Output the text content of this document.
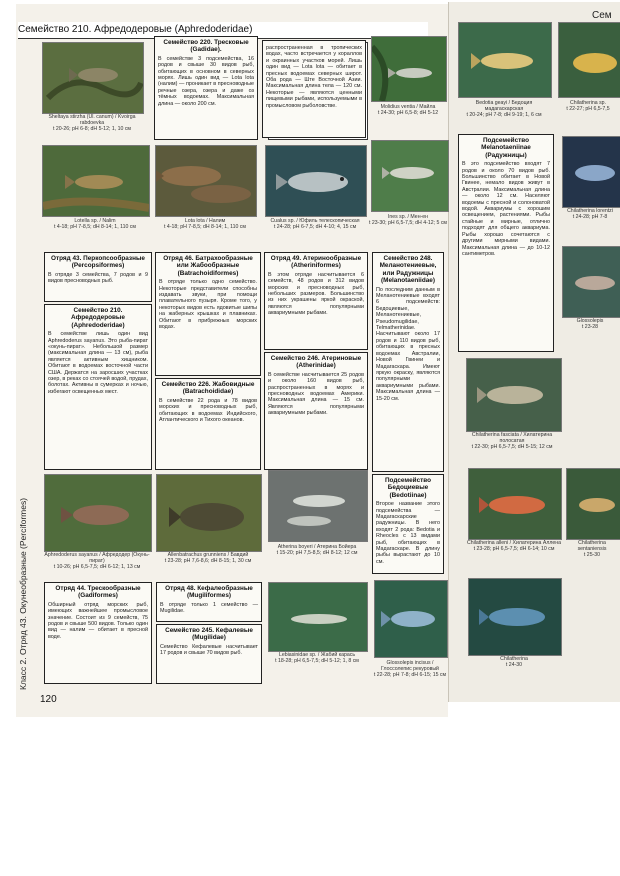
Семейство 210. Афредодеровые (Aphredoderidae)
Сем
Sheltaya stirzha (Ul. canum) / Kvoirga rabdoevka
t 20-26; pH 6-8; dH 5-12; 1, 10 см
распространенная в тропических водах, часто встречается у кораллов и окраинных участков морей. Лишь один вид — Lota lota — обитает в пресных водоемах северных широт. Оба рода — Ште Восточной Азии. Максимальная длина тела — 120 см. Некоторые — являются ценными пищевыми рыбами, используемыми в промысловом рыболовстве.	Molidius ventia / Майла
t 24-30; pH 6,5-8; dH 5-12
Семейство 220. Тресковые (Gadidae).
В семействе 3 подсемейства, 16 родов и свыше 30 видов рыб, обитающих в основном в северных морях. Лишь один вид — Lota lota (налим) — проникает в пресноводные речные озера, озера и даже оз тёмных водоемах. Максимальная длина — около 200 см.
Lotella sp. / Nalim
t 4-18; pH 7-8,5; dH 8-14; 1, 110 см
Lota lota / Налим
t 4-18; pH 7-8,5; dH 8-14; 1, 110 см
Cualus sp. / Юфиль телескопическая
t 24-28; pH 6-7,5; dH 4-10; 4, 15 см
Ines sp. / Мен-ен
t 23-30; pH 6,5-7,5; dH 4-12; 5 см
Отряд 43. Перкопсообразные (Percopsiformes)
В отряде 3 семейства, 7 родов и 9 видов пресноводных рыб.
Семейство 210. Афредодеровые (Aphredoderidae)
В семействе лишь один вид Aphredoderus sayanus. Это рыба-пират «окунь-пират». Небольшой размер (максимальная длина — 13 см), рыба является активным хищником. Обитают в водоемах восточной части США. Держатся на заросших участках озер, в реках со стоячей водой, прудах, болотах. Активны в сумерках и ночью, избегают освещенных мест.
Отряд 46. Батрахообразные или Жабообразные (Batrachoidiformes)
В отряде только одно семейство. Некоторые представители способны издавать звуки, при помощи плавательного пузыря. Кроме того, у некоторых видов есть ядовитые шипы на жаберных крышках и плавниках. Обитают в прибрежных морских водах.
Семейство 226. Жабовидные (Batrachoididae)
В семействе 22 рода и 78 видов морских и пресноводных рыб, обитающих в водоемах Индийского, Атлантического и Тихого океанов.
Отряд 49. Атеринообразные (Atheriniformes)
В этом отряде насчитывается 6 семейств, 48 родов и 312 видов морских и пресноводных рыб, небольших размеров. Большинство из них украшены яркой окраской, являются популярными аквариумными рыбами.
Семейство 246. Атериновые (Atherinidae)
В семействе насчитывается 25 родов и около 160 видов рыб, распространенных в морях и пресноводных водоемах Америки. Максимальная длина — 15 см. Являются популярными аквариумными рыбами.
Семейство 248. Меланотениевые, или Радужницы (Melanotaeniidae)
По последним данным в Меланотениевые входят 6 подсемейств: Бедоциевые, Меланотениевые, Pseudomugilidae, Telmatherinidae. Насчитывают около 17 родов и 110 видов рыб, обитающих в пресных водоемах Австралии, Новой Гвинеи и Мадагаскара. Имеют яркую окраску, являются популярными аквариумными рыбами. Максимальная длина — 15-20 см.
Aphredoderus sayanus / Афредодер (Окунь-пират)
t 10-26; pH 6,5-7,5; dH 6-12; 1, 13 см
Allenbatrachus grunniens / Бавдий
t 23-28; pH 7,6-8,6; dH 8-15; 1, 30 см
Atherina boyeri / Атерина Бойера
t 15-20; pH 7,5-8,5; dH 8-12; 12 см
Подсемейство Бедоциевые (Bedotiinae)
Второе название этого подсемейства — Мадагаскарские радужницы. В него входят 2 рода: Bedotia и Rheocles с 13 видами рыб, обитающих в Мадагаскаре. В длину рыбы вырастают до 10 см.
Отряд 44. Трескообразные (Gadiformes)
Обширный отряд морских рыб, имеющих важнейшее промысловое значение. Состоит из 9 семейств, 75 родов и свыше 500 видов. Только один вид — налим — обитает в пресной воде.
Отряд 48. Кефалеобразные (Mugiliformes)
В отряде только 1 семейство — Mugilidae.
Семейство 245. Кефалевые (Mugilidae)
Семейство Кефалевые насчитывает 17 родов и свыше 70 видов рыб.	Lebiasinidae sp. / Жабий карась
t 18-28; pH 6,5-7,5; dH 5-12; 1, 8 см	Glossolepis incisus / Глоссолепис рекуровый
t 22-28; pH 7-8; dH 6-15; 15 см
Bedotia geayi / Бедоция мадагаскарская
t 20-24; pH 7-8; dH 9-19; 1, 6 см
Chilatherina sp.
t 22-27; pH 6,5-7,5
Подсемейство Melanotaeniinae (Радужницы)
В это подсемейство входят 7 родов и около 70 видов рыб. Большинство обитает в Новой Гвинее, немало видов живут в Австралии. Максимальная длина — около 12 см. Населяют водоемы с пресной и солоноватой водой. Аквариумы с хорошим освещением, растениями. Рыбы стайные и мирные, отлично подходят для общего аквариума. Рыбы хорошо сочетаются с другими мирными видами. Максимальная длина — до 10-12 сантиметров.
Chilatherina lorentzi
t 24-28; pH 7-8
Glossolepis
t 23-28
Chilatherina fasciata / Хилатерина полосатая
t 22-30; pH 6,5-7,5; dH 5-15; 12 см
Chilatherina alleni / Хилатерина Аллена
t 23-28; pH 6,5-7,5; dH 6-14; 10 см
Chilatherina
t 24-30
Chilatherina sentaniensis
t 25-30
120
